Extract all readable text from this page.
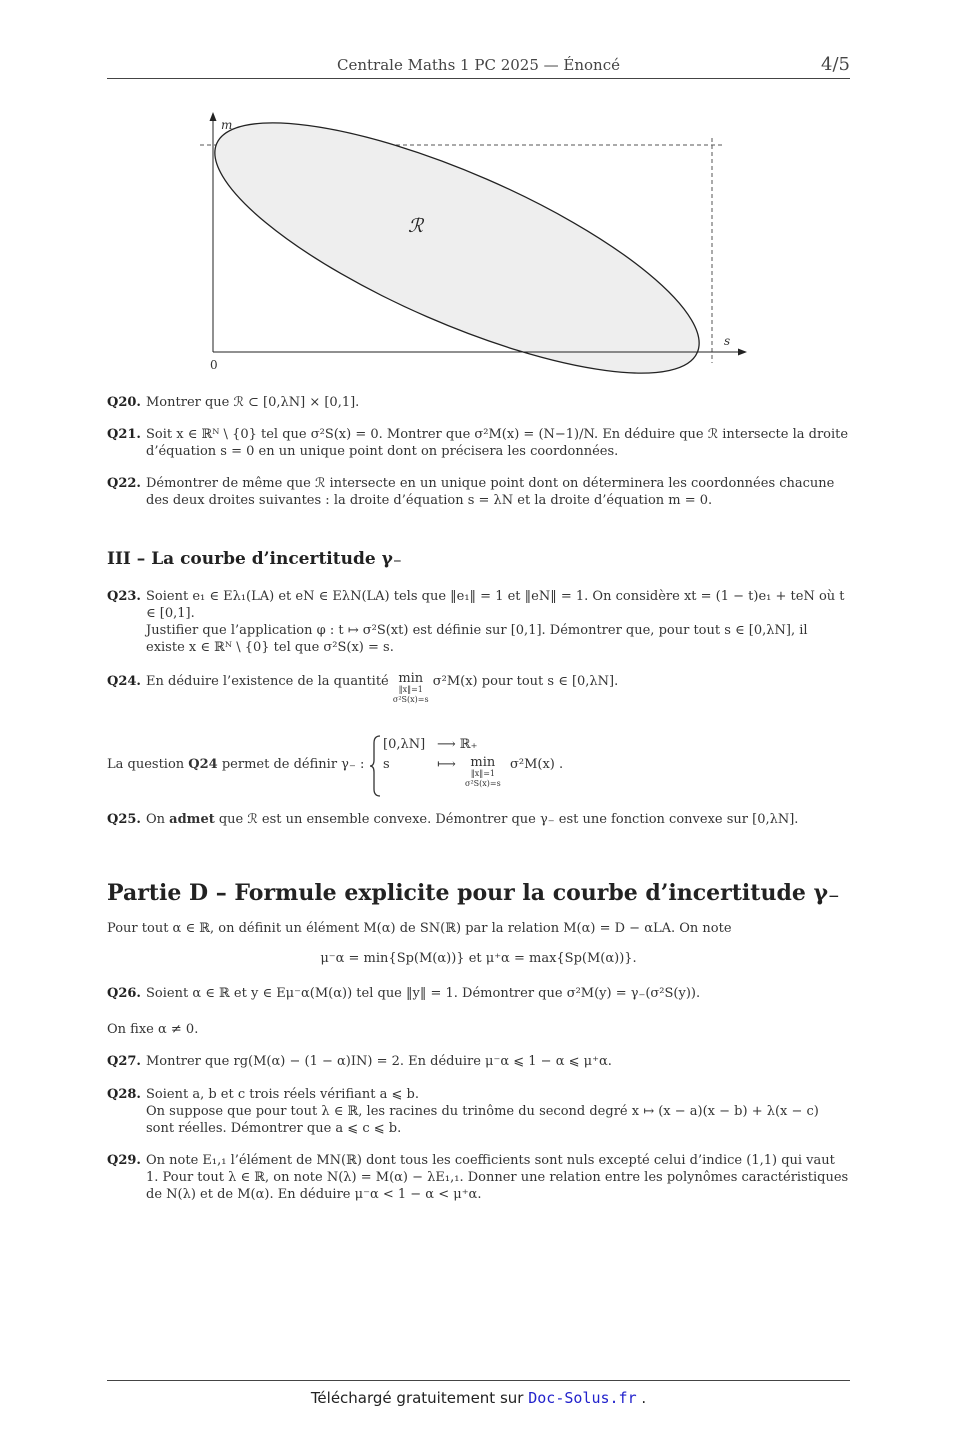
Centrale Maths 1 PC 2025 — Énoncé	4/5
m
s
0
ℛ
Q20. Montrer que ℛ ⊂ [0,λN] × [0,1].
Q21. Soit x ∈ ℝᴺ \ {0} tel que σ²S(x) = 0. Montrer que σ²M(x) = (N−1)/N. En déduire que ℛ intersecte la droite d’équation s = 0 en un unique point dont on précisera les coordonnées.
Q22. Démontrer de même que ℛ intersecte en un unique point dont on déterminera les coordonnées chacune des deux droites suivantes : la droite d’équation s = λN et la droite d’équation m = 0.
III – La courbe d’incertitude γ₋
Q23. Soient e₁ ∈ Eλ₁(LA) et eN ∈ EλN(LA) tels que ‖e₁‖ = 1 et ‖eN‖ = 1. On considère xt = (1 − t)e₁ + teN où t ∈ [0,1].
Justifier que l’application φ : t ↦ σ²S(xt) est définie sur [0,1]. Démontrer que, pour tout s ∈ [0,λN], il existe x ∈ ℝᴺ \ {0} tel que σ²S(x) = s.
Q24. En déduire l’existence de la quantité min
‖x‖=1
σ²S(x)=s
σ²M(x) pour tout s ∈ [0,λN].
La question Q24 permet de définir γ₋ :
[0,λN] ⟶ ℝ₊
s	⟼	min
‖x‖=1
σ²S(x)=s
σ²M(x) .
Q25. On admet que ℛ est un ensemble convexe. Démontrer que γ₋ est une fonction convexe sur [0,λN].
Partie D – Formule explicite pour la courbe d’incertitude γ₋
Pour tout α ∈ ℝ, on définit un élément M(α) de SN(ℝ) par la relation M(α) = D − αLA. On note
μ⁻α = min{Sp(M(α))} et μ⁺α = max{Sp(M(α))}.
Q26. Soient α ∈ ℝ et y ∈ Eμ⁻α(M(α)) tel que ‖y‖ = 1. Démontrer que σ²M(y) = γ₋(σ²S(y)).
On fixe α ≠ 0.
Q27. Montrer que rg(M(α) − (1 − α)IN) = 2. En déduire μ⁻α ⩽ 1 − α ⩽ μ⁺α.
Q28. Soient a, b et c trois réels vérifiant a ⩽ b.
On suppose que pour tout λ ∈ ℝ, les racines du trinôme du second degré x ↦ (x − a)(x − b) + λ(x − c) sont réelles. Démontrer que a ⩽ c ⩽ b.
Q29. On note E₁,₁ l’élément de MN(ℝ) dont tous les coefficients sont nuls excepté celui d’indice (1,1) qui vaut 1. Pour tout λ ∈ ℝ, on note N(λ) = M(α) − λE₁,₁. Donner une relation entre les polynômes caractéristiques de N(λ) et de M(α). En déduire μ⁻α < 1 − α < μ⁺α.
Téléchargé gratuitement sur Doc-Solus.fr .
